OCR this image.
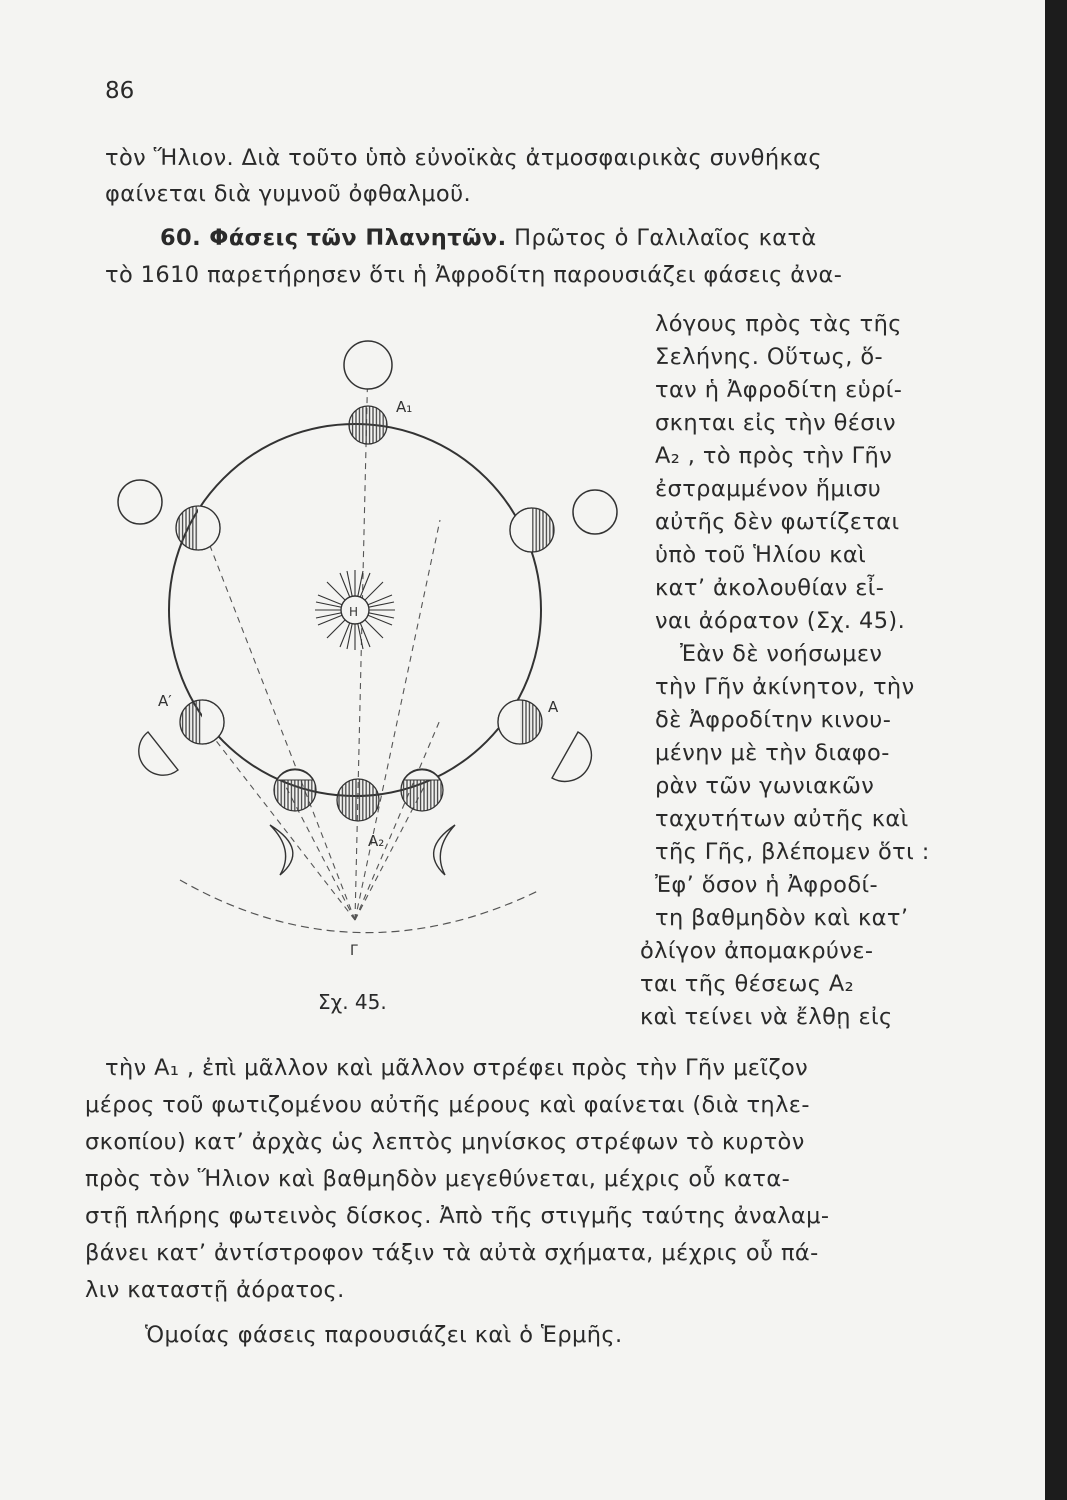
86
τὸν Ἥλιον. Διὰ τοῦτο ὑπὸ εὐνοϊκὰς ἀτμοσφαιρικὰς συνθήκας
φαίνεται διὰ γυμνοῦ ὀφθαλμοῦ.
60. Φάσεις τῶν Πλανητῶν. Πρῶτος ὁ Γαλιλαῖος κατὰ
τὸ 1610 παρετήρησεν ὅτι ἡ Ἀφροδίτη παρουσιάζει φάσεις ἀνα-
λόγους πρὸς τὰς τῆς
Σελήνης. Οὕτως, ὅ-
ταν ἡ Ἀφροδίτη εὑρί-
σκηται εἰς τὴν θέσιν
Α₂ , τὸ πρὸς τὴν Γῆν
ἐστραμμένον ἥμισυ
αὐτῆς δὲν φωτίζεται
ὑπὸ τοῦ Ἡλίου καὶ
κατ’ ἀκολουθίαν εἶ-
ναι ἀόρατον (Σχ. 45).
Ἐὰν δὲ νοήσωμεν
τὴν Γῆν ἀκίνητον, τὴν
δὲ Ἀφροδίτην κινου-
μένην μὲ τὴν διαφο-
ρὰν τῶν γωνιακῶν
ταχυτήτων αὐτῆς καὶ
τῆς Γῆς, βλέπομεν ὅτι :
Ἐφ’ ὅσον ἡ Ἀφροδί-
τη βαθμηδὸν καὶ κατ’
ὀλίγον ἀπομακρύνε-
ται τῆς θέσεως Α₂
καὶ τείνει νὰ ἔλθῃ εἰς
τὴν Α₁ , ἐπὶ μᾶλλον καὶ μᾶλλον στρέφει πρὸς τὴν Γῆν μεῖζον
μέρος τοῦ φωτιζομένου αὐτῆς μέρους καὶ φαίνεται (διὰ τηλε-
σκοπίου) κατ’ ἀρχὰς ὡς λεπτὸς μηνίσκος στρέφων τὸ κυρτὸν
πρὸς τὸν Ἥλιον καὶ βαθμηδὸν μεγεθύνεται, μέχρις οὗ κατα-
στῇ πλήρης φωτεινὸς δίσκος. Ἀπὸ τῆς στιγμῆς ταύτης ἀναλαμ-
βάνει κατ’ ἀντίστροφον τάξιν τὰ αὐτὰ σχήματα, μέχρις οὗ πά-
λιν καταστῇ ἀόρατος.
Ὁμοίας φάσεις παρουσιάζει καὶ ὁ Ἑρμῆς.
Η
Α₁
Α′	Α
Α₂
Γ
Σχ. 45.
